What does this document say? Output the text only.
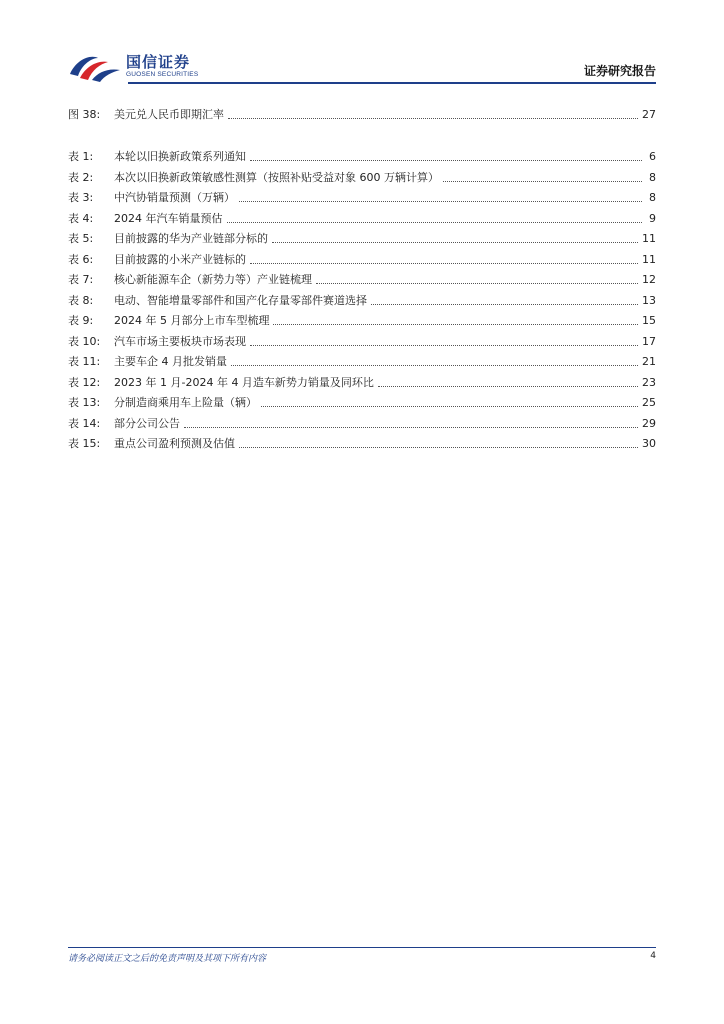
国信证券
GUOSEN SECURITIES	证券研究报告
图 38:	美元兑人民币即期汇率	27
表 1:	本轮以旧换新政策系列通知	6
表 2:	本次以旧换新政策敏感性测算（按照补贴受益对象 600 万辆计算）	8
表 3:	中汽协销量预测（万辆）	8
表 4:	2024 年汽车销量预估	9
表 5:	目前披露的华为产业链部分标的	11
表 6:	目前披露的小米产业链标的	11
表 7:	核心新能源车企（新势力等）产业链梳理	12
表 8:	电动、智能增量零部件和国产化存量零部件赛道选择	13
表 9:	2024 年 5 月部分上市车型梳理	15
表 10:	汽车市场主要板块市场表现	17
表 11:	主要车企 4 月批发销量	21
表 12:	2023 年 1 月-2024 年 4 月造车新势力销量及同环比	23
表 13:	分制造商乘用车上险量（辆）	25
表 14:	部分公司公告	29
表 15:	重点公司盈利预测及估值	30
请务必阅读正文之后的免责声明及其项下所有内容	4
